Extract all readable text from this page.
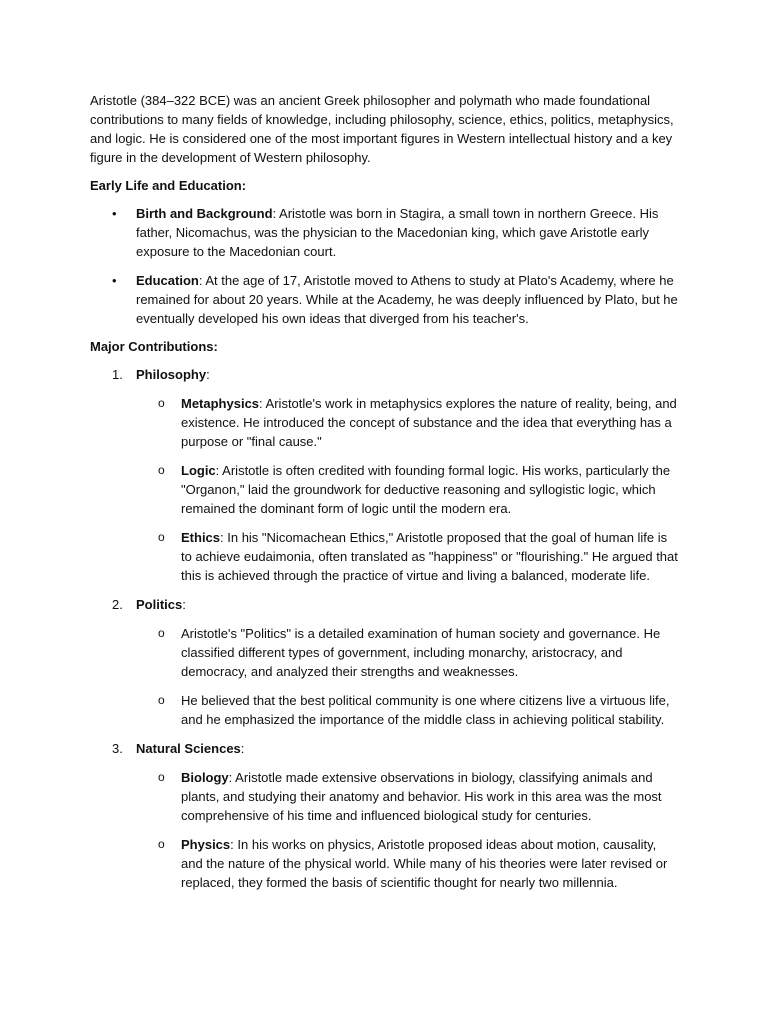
Aristotle (384–322 BCE) was an ancient Greek philosopher and polymath who made foundational contributions to many fields of knowledge, including philosophy, science, ethics, politics, metaphysics, and logic. He is considered one of the most important figures in Western intellectual history and a key figure in the development of Western philosophy.

Early Life and Education:

• Birth and Background: Aristotle was born in Stagira, a small town in northern Greece. His father, Nicomachus, was the physician to the Macedonian king, which gave Aristotle early exposure to the Macedonian court.
• Education: At the age of 17, Aristotle moved to Athens to study at Plato's Academy, where he remained for about 20 years. While at the Academy, he was deeply influenced by Plato, but he eventually developed his own ideas that diverged from his teacher's.

Major Contributions:

1. Philosophy:
o Metaphysics: Aristotle's work in metaphysics explores the nature of reality, being, and existence. He introduced the concept of substance and the idea that everything has a purpose or "final cause."
o Logic: Aristotle is often credited with founding formal logic. His works, particularly the "Organon," laid the groundwork for deductive reasoning and syllogistic logic, which remained the dominant form of logic until the modern era.
o Ethics: In his "Nicomachean Ethics," Aristotle proposed that the goal of human life is to achieve eudaimonia, often translated as "happiness" or "flourishing." He argued that this is achieved through the practice of virtue and living a balanced, moderate life.
2. Politics:
o Aristotle's "Politics" is a detailed examination of human society and governance. He classified different types of government, including monarchy, aristocracy, and democracy, and analyzed their strengths and weaknesses.
o He believed that the best political community is one where citizens live a virtuous life, and he emphasized the importance of the middle class in achieving political stability.
3. Natural Sciences:
o Biology: Aristotle made extensive observations in biology, classifying animals and plants, and studying their anatomy and behavior. His work in this area was the most comprehensive of his time and influenced biological study for centuries.
o Physics: In his works on physics, Aristotle proposed ideas about motion, causality, and the nature of the physical world. While many of his theories were later revised or replaced, they formed the basis of scientific thought for nearly two millennia.
